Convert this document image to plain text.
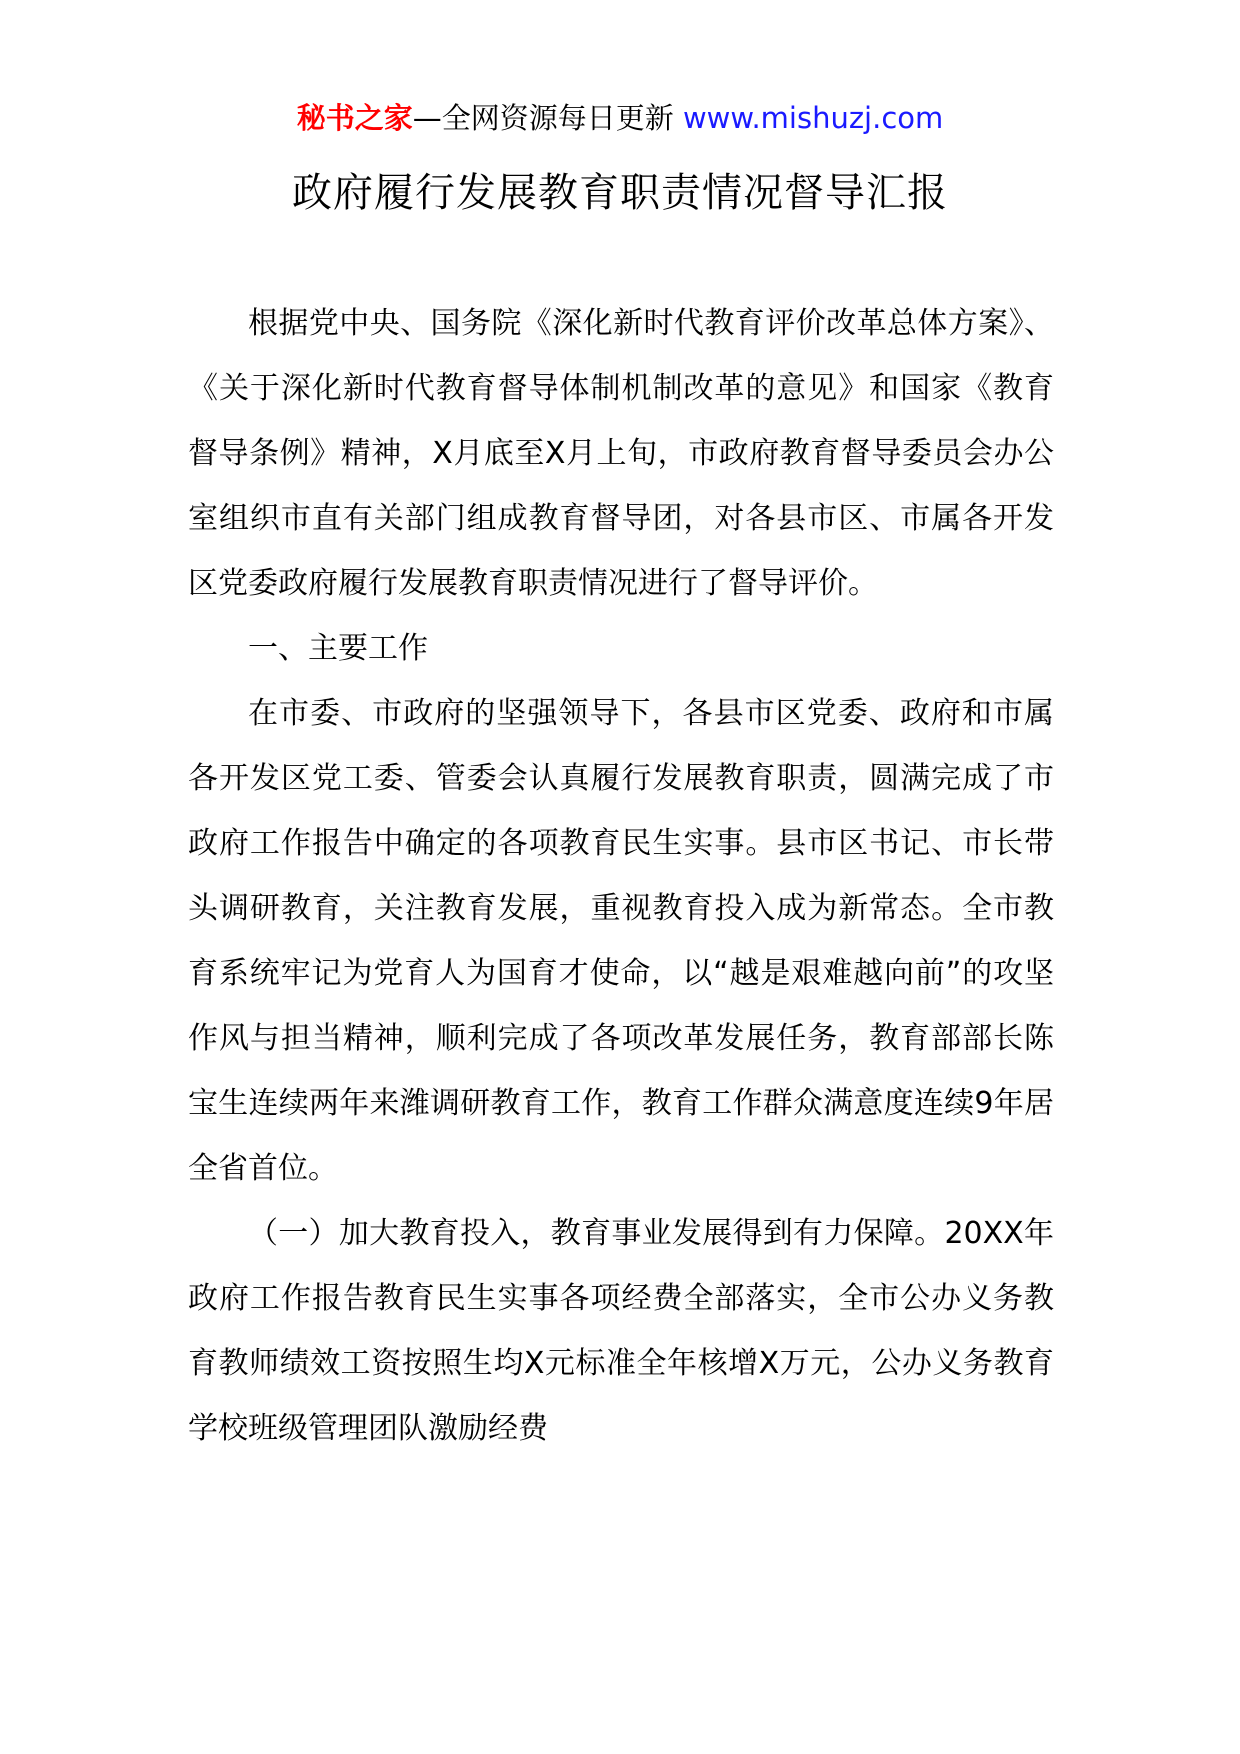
秘书之家—全网资源每日更新 www.mishuzj.com
政府履行发展教育职责情况督导汇报

根据党中央、国务院《深化新时代教育评价改革总体方案》、《关于深化新时代教育督导体制机制改革的意见》和国家《教育督导条例》精神，X月底至X月上旬，市政府教育督导委员会办公室组织市直有关部门组成教育督导团，对各县市区、市属各开发区党委政府履行发展教育职责情况进行了督导评价。

一、主要工作

在市委、市政府的坚强领导下，各县市区党委、政府和市属各开发区党工委、管委会认真履行发展教育职责，圆满完成了市政府工作报告中确定的各项教育民生实事。县市区书记、市长带头调研教育，关注教育发展，重视教育投入成为新常态。全市教育系统牢记为党育人为国育才使命，以“越是艰难越向前”的攻坚作风与担当精神，顺利完成了各项改革发展任务，教育部部长陈宝生连续两年来潍调研教育工作，教育工作群众满意度连续9年居全省首位。

（一）加大教育投入，教育事业发展得到有力保障。20XX年政府工作报告教育民生实事各项经费全部落实，全市公办义务教育教师绩效工资按照生均X元标准全年核增X万元，公办义务教育学校班级管理团队激励经费
